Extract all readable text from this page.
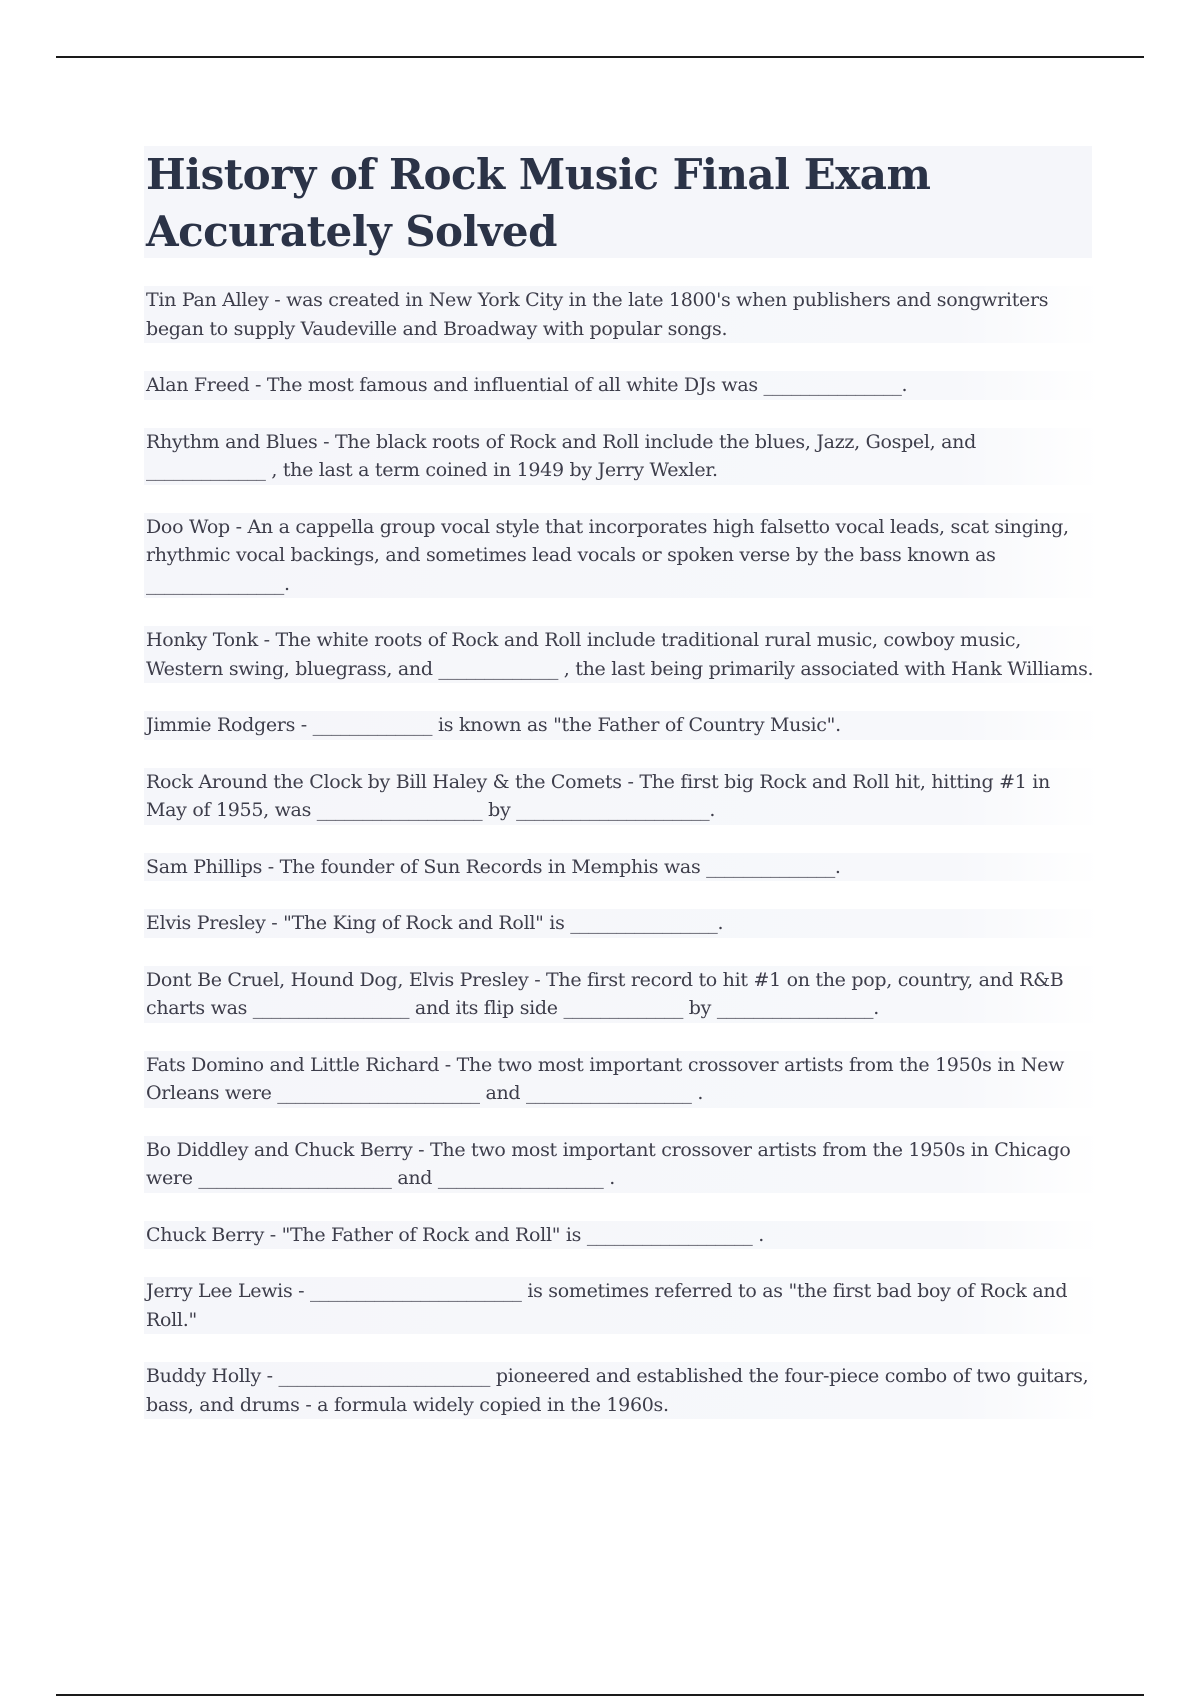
History of Rock Music Final Exam
Accurately Solved

Tin Pan Alley - was created in New York City in the late 1800's when publishers and songwriters began to supply Vaudeville and Broadway with popular songs.

Alan Freed - The most famous and influential of all white DJs was _______________.

Rhythm and Blues - The black roots of Rock and Roll include the blues, Jazz, Gospel, and _____________ , the last a term coined in 1949 by Jerry Wexler.

Doo Wop - An a cappella group vocal style that incorporates high falsetto vocal leads, scat singing, rhythmic vocal backings, and sometimes lead vocals or spoken verse by the bass known as _______________.

Honky Tonk - The white roots of Rock and Roll include traditional rural music, cowboy music, Western swing, bluegrass, and _____________ , the last being primarily associated with Hank Williams.

Jimmie Rodgers - _____________ is known as "the Father of Country Music".

Rock Around the Clock by Bill Haley & the Comets - The first big Rock and Roll hit, hitting #1 in May of 1955, was __________________ by _____________________.

Sam Phillips - The founder of Sun Records in Memphis was ______________.

Elvis Presley - "The King of Rock and Roll" is ________________.

Dont Be Cruel, Hound Dog, Elvis Presley - The first record to hit #1 on the pop, country, and R&B charts was _________________ and its flip side _____________ by _________________.

Fats Domino and Little Richard - The two most important crossover artists from the 1950s in New Orleans were ______________________ and __________________ .

Bo Diddley and Chuck Berry - The two most important crossover artists from the 1950s in Chicago were _____________________ and __________________ .

Chuck Berry - "The Father of Rock and Roll" is __________________ .

Jerry Lee Lewis - _______________________ is sometimes referred to as "the first bad boy of Rock and Roll."

Buddy Holly - _______________________ pioneered and established the four-piece combo of two guitars, bass, and drums - a formula widely copied in the 1960s.
